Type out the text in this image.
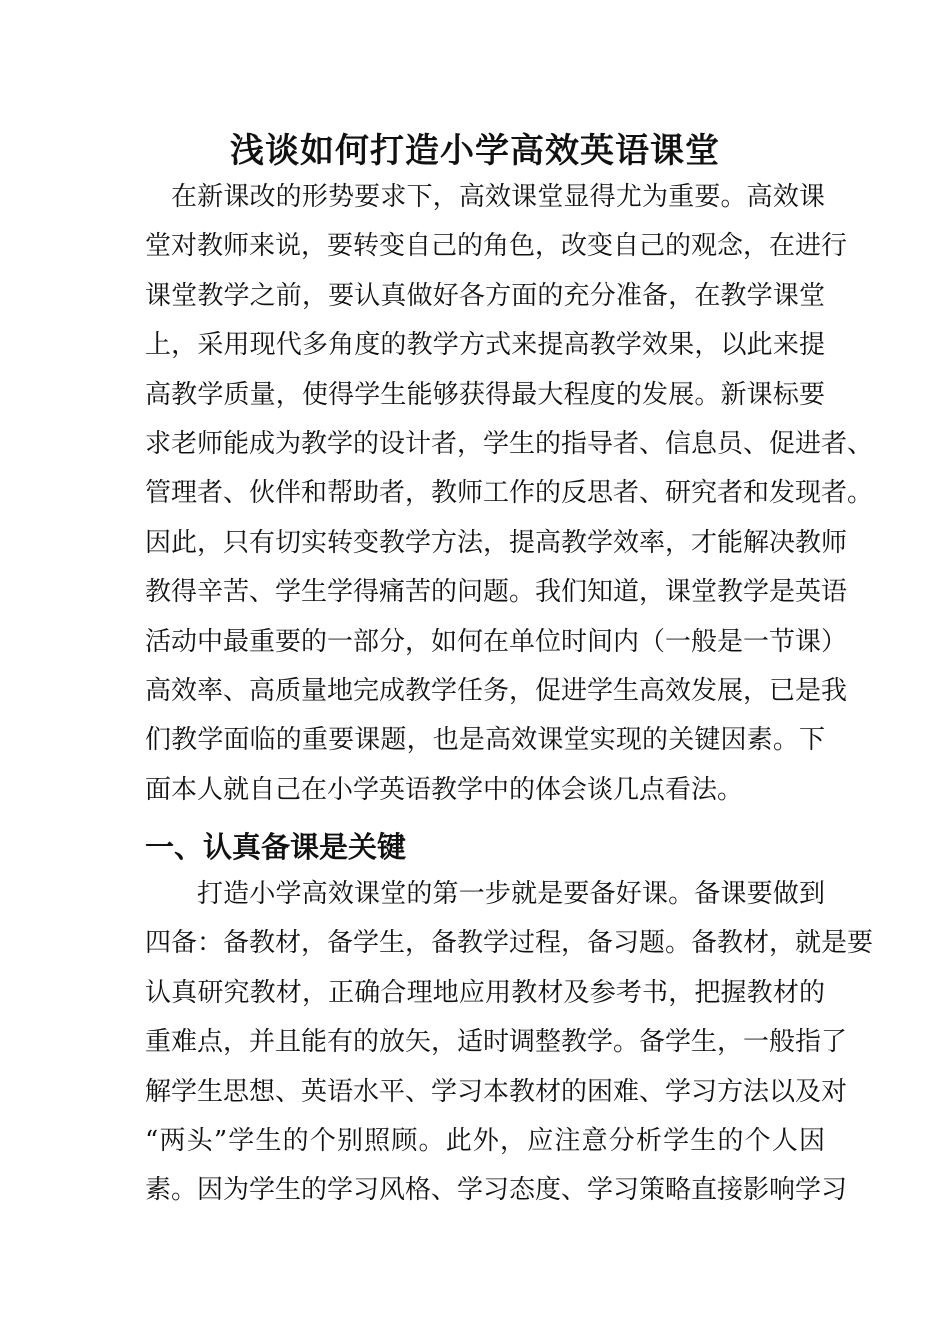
浅谈如何打造小学高效英语课堂
在新课改的形势要求下，高效课堂显得尤为重要。高效课
堂对教师来说，要转变自己的角色，改变自己的观念，在进行
课堂教学之前，要认真做好各方面的充分准备，在教学课堂
上，采用现代多角度的教学方式来提高教学效果，以此来提
高教学质量，使得学生能够获得最大程度的发展。新课标要
求老师能成为教学的设计者，学生的指导者、信息员、促进者、
管理者、伙伴和帮助者，教师工作的反思者、研究者和发现者。
因此，只有切实转变教学方法，提高教学效率，才能解决教师
教得辛苦、学生学得痛苦的问题。我们知道，课堂教学是英语
活动中最重要的一部分，如何在单位时间内（一般是一节课）
高效率、高质量地完成教学任务，促进学生高效发展，已是我
们教学面临的重要课题，也是高效课堂实现的关键因素。下
面本人就自己在小学英语教学中的体会谈几点看法。
一、认真备课是关键
打造小学高效课堂的第一步就是要备好课。备课要做到
四备：备教材，备学生，备教学过程，备习题。备教材，就是要
认真研究教材，正确合理地应用教材及参考书，把握教材的
重难点，并且能有的放矢，适时调整教学。备学生，一般指了
解学生思想、英语水平、学习本教材的困难、学习方法以及对
“两头”学生的个别照顾。此外，应注意分析学生的个人因
素。因为学生的学习风格、学习态度、学习策略直接影响学习
